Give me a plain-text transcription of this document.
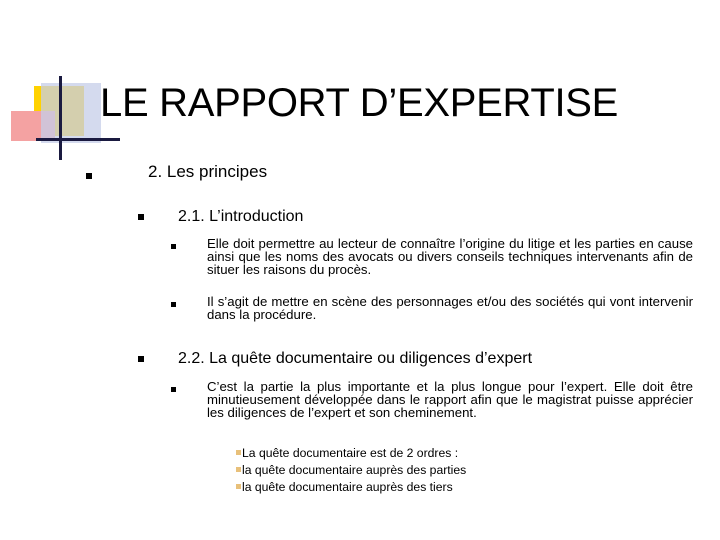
LE RAPPORT D’EXPERTISE

2. Les principes

2.1. L’introduction

Elle doit permettre au lecteur de connaître l’origine du litige et les parties en cause ainsi que les noms des avocats ou divers conseils techniques intervenants afin de situer les raisons du procès.

Il s’agit de mettre en scène des personnages et/ou des sociétés qui vont intervenir dans la procédure.

2.2. La quête documentaire ou diligences d’expert

C’est la partie la plus importante et la plus longue pour l’expert. Elle doit être minutieusement développée dans le rapport afin que le magistrat puisse apprécier les diligences de l’expert et son cheminement.

La quête documentaire est de 2 ordres :
la quête documentaire auprès des parties
la quête documentaire auprès des tiers
